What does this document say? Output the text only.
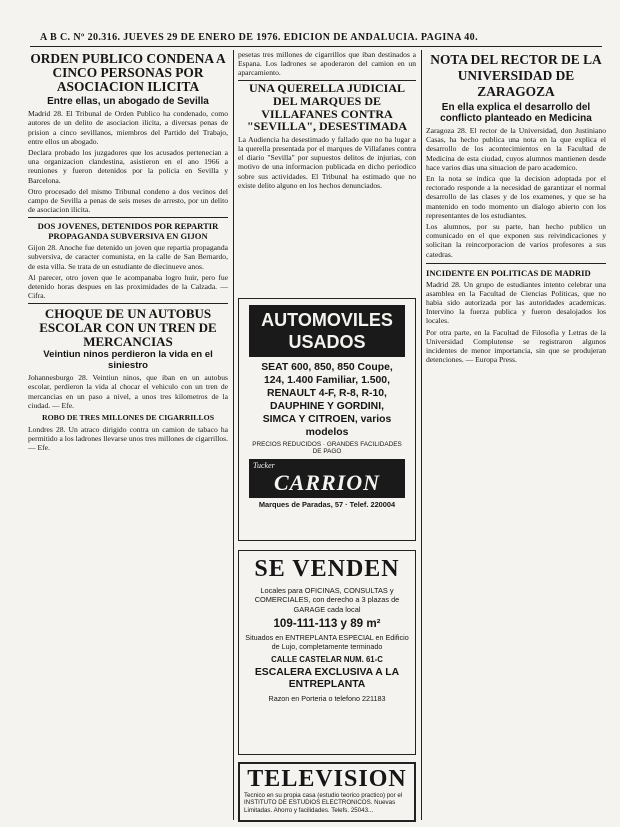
A B C. Nº 20.316. JUEVES 29 DE ENERO DE 1976. EDICION DE ANDALUCIA. PAGINA 40.
ORDEN PUBLICO CONDENA A CINCO PERSONAS POR ASOCIACION ILICITA
Entre ellas, un abogado de Sevilla

Madrid 28. El Tribunal de Orden Publico ha condenado, como autores de un delito de asociacion ilicita, a diversas penas de prision a cinco sevillanos, miembros del Partido del Trabajo, entre ellos un abogado.

Declara probado los juzgadores que los acusados pertenecian a una organizacion clandestina, asistieron en el ano 1966 a reuniones y fueron detenidos por la policia en Sevilla y Barcelona.

Otro procesado del mismo Tribunal condeno a dos vecinos del campo de Sevilla a penas de seis meses de arresto, por un delito de asociacion ilicita.

DOS JOVENES, DETENIDOS POR REPARTIR PROPAGANDA SUBVERSIVA EN GIJON

Gijon 28. Anoche fue detenido un joven que repartia propaganda subversiva, de caracter comunista, en la calle de San Bernardo, de esta villa. Se trata de un estudiante de diecinueve anos.

Al parecer, otro joven que le acompanaba logro huir, pero fue detenido horas despues en las proximidades de la Calzada. — Cifra.

CHOQUE DE UN AUTOBUS ESCOLAR CON UN TREN DE MERCANCIAS
Veintiun ninos perdieron la vida en el siniestro

Johannesburgo 28. Veintiun ninos, que iban en un autobus escolar, perdieron la vida al chocar el vehiculo con un tren de mercancias en un paso a nivel, a unos tres kilometros de la ciudad. — Efe.

ROBO DE TRES MILLONES DE CIGARRILLOS

Londres 28. Un atraco dirigido contra un camion de tabaco ha permitido a los ladrones llevarse unos tres millones de cigarrillos. — Efe.

pesetas tres millones de cigarrillos que iban destinados a Espana. Los ladrones se apoderaron del camion en un aparcamiento.

UNA QUERELLA JUDICIAL DEL MARQUES DE VILLAFANES CONTRA "SEVILLA", DESESTIMADA

La Audiencia ha desestimado y fallado que no ha lugar a la querella presentada por el marques de Villafanes contra el diario "Sevilla" por supuestos delitos de injurias, con motivo de una informacion publicada en dicho periodico sobre sus actividades. El Tribunal ha estimado que no existe delito alguno en los hechos denunciados.

AUTOMOVILES USADOS
SEAT 600, 850, 850 Coupe,
124, 1.400 Familiar, 1.500,
RENAULT 4-F, R-8, R-10,
DAUPHINE Y GORDINI,
SIMCA Y CITROEN, varios
modelos
PRECIOS REDUCIDOS · GRANDES FACILIDADES DE PAGO
Tucker
CARRION
Marques de Paradas, 57 · Telef. 220004
SE VENDEN
Locales para OFICINAS, CONSULTAS y COMERCIALES, con derecho a 3 plazas de GARAGE cada local
109-111-113 y 89 m²
Situados en ENTREPLANTA ESPECIAL en Edificio de Lujo, completamente terminado
CALLE CASTELAR NUM. 61-C
ESCALERA EXCLUSIVA A LA ENTREPLANTA
Razon en Porteria o telefono 221183
TELEVISION
Tecnico en su propia casa (estudio teorico practico) por el INSTITUTO DE ESTUDIOS ELECTRONICOS. Nuevas Limitadas. Ahorro y facilidades. Telefs. 25043...
NOTA DEL RECTOR DE LA UNIVERSIDAD DE ZARAGOZA
En ella explica el desarrollo del conflicto planteado en Medicina

Zaragoza 28. El rector de la Universidad, don Justiniano Casas, ha hecho publica una nota en la que explica el desarrollo de los acontecimientos en la Facultad de Medicina de esta ciudad, cuyos alumnos mantienen desde hace varios dias una situacion de paro academico.

En la nota se indica que la decision adoptada por el rectorado responde a la necesidad de garantizar el normal desarrollo de las clases y de los examenes, y que se ha mantenido en todo momento un dialogo abierto con los representantes de los estudiantes.

Los alumnos, por su parte, han hecho publico un comunicado en el que exponen sus reivindicaciones y solicitan la reincorporacion de varios profesores a sus catedras.

INCIDENTE EN POLITICAS DE MADRID

Madrid 28. Un grupo de estudiantes intento celebrar una asamblea en la Facultad de Ciencias Politicas, que no habia sido autorizada por las autoridades academicas. Intervino la fuerza publica y fueron desalojados los locales.

Por otra parte, en la Facultad de Filosofia y Letras de la Universidad Complutense se registraron algunos incidentes de menor importancia, sin que se produjeran detenciones. — Europa Press.
